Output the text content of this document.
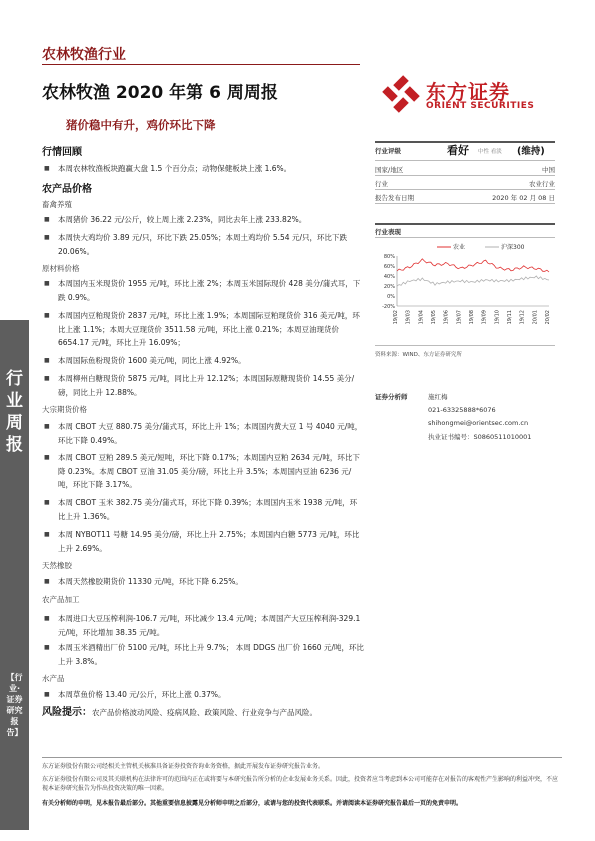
农林牧渔行业
农林牧渔 2020 年第 6 周周报
猪价稳中有升，鸡价环比下降
东方证券
ORIENT SECURITIES
行情回顾
■ 本周农林牧渔板块跑赢大盘 1.5 个百分点；动物保健板块上涨 1.6%。
农产品价格
畜禽养殖
■ 本周猪价 36.22 元/公斤，较上周上涨 2.23%，同比去年上涨 233.82%。
■ 本周快大鸡均价 3.89 元/只，环比下跌 25.05%；本周土鸡均价 5.54 元/只，环比下跌 20.06%。
原材料价格
■ 本周国内玉米现货价 1955 元/吨，环比上涨 2%；本周玉米国际现价 428 美分/蒲式耳，下跌 0.9%。
■ 本周国内豆粕现货价 2837 元/吨，环比上涨 1.9%；本周国际豆粕现货价 316 美元/吨，环比上涨 1.1%；本周大豆现货价 3511.58 元/吨，环比上涨 0.21%；本周豆油现货价 6654.17 元/吨，环比上升 16.09%；
■ 本周国际鱼粉现货价 1600 美元/吨，同比上涨 4.92%。
■ 本周柳州白糖现货价 5875 元/吨，同比上升 12.12%；本周国际原糖现货价 14.55 美分/磅，同比上升 12.88%。
大宗期货价格
■ 本周 CBOT 大豆 880.75 美分/蒲式耳，环比上升 1%；本周国内黄大豆 1 号 4040 元/吨，环比下降 0.49%。
■ 本周 CBOT 豆粕 289.5 美元/短吨，环比下降 0.17%；本周国内豆粕 2634 元/吨，环比下降 0.23%。本周 CBOT 豆油 31.05 美分/磅，环比上升 3.5%；本周国内豆油 6236 元/吨，环比下降 3.17%。
■ 本周 CBOT 玉米 382.75 美分/蒲式耳，环比下降 0.39%；本周国内玉米 1938 元/吨，环比上升 1.36%。
■ 本周 NYBOT11 号糖 14.95 美分/磅，环比上升 2.75%；本周国内白糖 5773 元/吨，环比上升 2.69%。
天然橡胶
■ 本周天然橡胶期货价 11330 元/吨，环比下降 6.25%。
农产品加工
■ 本周进口大豆压榨利润-106.7 元/吨，环比减少 13.4 元/吨；本周国产大豆压榨利润-329.1 元/吨，环比增加 38.35 元/吨。
■ 本周玉米酒精出厂价 5100 元/吨，环比上升 9.7%； 本周 DDGS 出厂价 1660 元/吨，环比上升 3.8%。
水产品
■ 本周草鱼价格 13.40 元/公斤，环比上涨 0.37%。
风险提示：农产品价格波动风险、疫病风险、政策风险、行业竞争与产品风险。
行业评级	看好 中性 看淡 (维持)
国家/地区	中国
行业	农业行业
报告发布日期	2020 年 02 月 08 日
行业表现
80%
60%
40%
20%
0%
-20%
19/02 19/03 19/04 19/05 19/06 19/07 19/08 19/09 19/10 19/11 19/12 20/01 20/02
农业	沪深300
资料来源：WIND、东方证券研究所
证券分析师	施红梅
021-63325888*6076
shihongmei@orientsec.com.cn
执业证书编号：S0860511010001
行业周报
【行业·证券研究报告】
东方证券股份有限公司经相关主管机关核准具备证券投资咨询业务资格，据此开展发布证券研究报告业务。
东方证券股份有限公司及其关联机构在法律许可的范围内正在或将要与本研究报告所分析的企业发展业务关系。因此，投资者应当考虑到本公司可能存在对报告的客观性产生影响的利益冲突，不应视本证券研究报告为作出投资决策的唯一因素。
有关分析师的申明，见本报告最后部分。其他重要信息披露见分析师申明之后部分，或请与您的投资代表联系。并请阅读本证券研究报告最后一页的免责申明。
